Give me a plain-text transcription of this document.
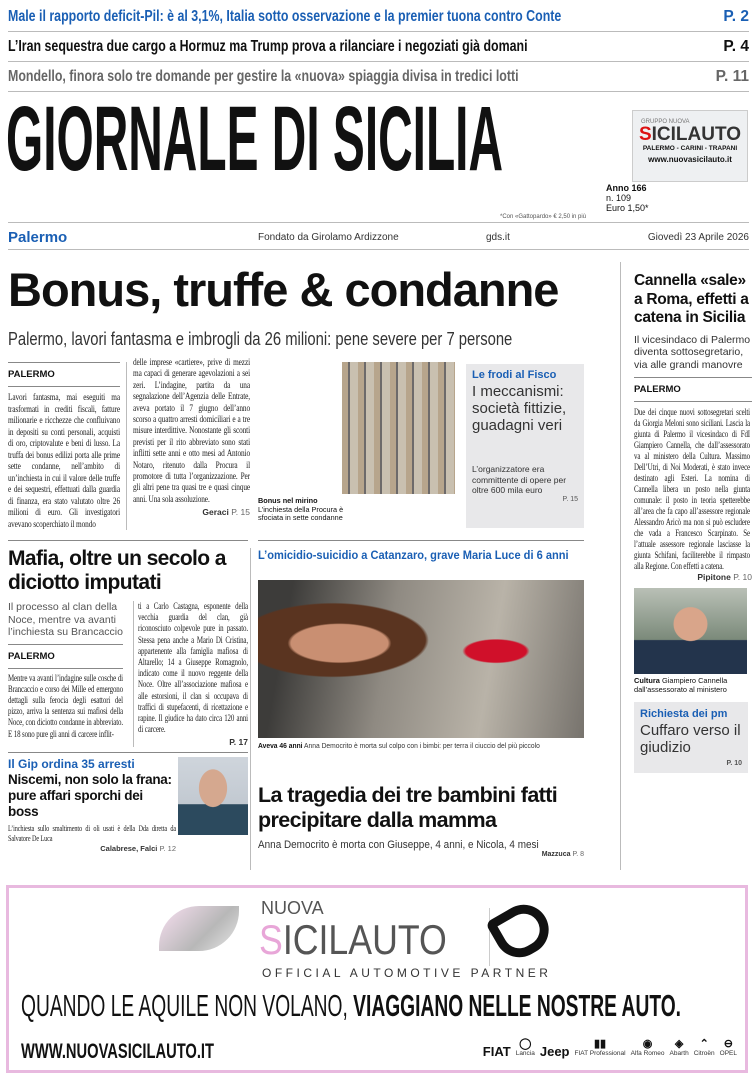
Male il rapporto deficit-Pil: è al 3,1%, Italia sotto osservazione e la premier tuona contro Conte	P. 2
L’Iran sequestra due cargo a Hormuz ma Trump prova a rilanciare i negoziati già domani	P. 4
Mondello, finora solo tre domande per gestire la «nuova» spiaggia divisa in tredici lotti	P. 11
GIORNALE DI SICILIA	Anno 166
n. 109
Euro 1,50*
*Con «Gattopardo» € 2,50 in più
GRUPPO NUOVA
SICILAUTO
PALERMO - CARINI - TRAPANI
www.nuovasicilauto.it
Palermo	Fondato da Girolamo Ardizzone	gds.it	Giovedì 23 Aprile 2026
Bonus, truffe & condanne
Palermo, lavori fantasma e imbrogli da 26 milioni: pene severe per 7 persone
PALERMO

Lavori fantasma, mai eseguiti ma trasformati in crediti fiscali, fatture milionarie e ricchezze che confluivano in depositi su conti personali, acquisti di oro, criptovalute e beni di lusso. La truffa dei bonus edilizi porta alle prime sette condanne, nell’ambito di un’inchiesta in cui il valore delle truffe e dei sequestri, effettuati dalla guardia di finanza, era stato valutato oltre 26 milioni di euro. Gli investigatori avevano scoperchiato il mondo

delle imprese «cartiere», prive di mezzi ma capaci di generare agevolazioni a sei zeri. L’indagine, partita da una segnalazione dell’Agenzia delle Entrate, aveva portato il 7 giugno dell’anno scorso a quattro arresti domiciliari e a tre misure interdittive. Nonostante gli sconti previsti per il rito abbreviato sono stati inflitti sette anni e otto mesi ad Antonio Notaro, ritenuto dalla Procura il promotore di tutta l’organizzazione. Per gli altri pene tra quasi tre e quasi cinque anni. Una sola assoluzione.

Geraci P. 15
Bonus nel mirino
L’inchiesta della Procura è sfociata in sette condanne
Le frodi al Fisco
I meccanismi: società fittizie, guadagni veri
L’organizzatore era committente di opere per oltre 600 mila euro
P. 15
Cannella «sale» a Roma, effetti a catena in Sicilia
Il vicesindaco di Palermo diventa sottosegretario, via alle grandi manovre
PALERMO

Due dei cinque nuovi sottosegretari scelti da Giorgia Meloni sono siciliani. Lascia la giunta di Palermo il vicesindaco di FdI Giampiero Cannella, che dall’assessorato va al ministero della Cultura. Massimo Dell’Utri, di Noi Moderati, è stato invece destinato agli Esteri. La nomina di Cannella libera un posto nella giunta comunale: il posto in teoria spetterebbe all’area che fa capo all’assessore regionale Alessandro Aricò ma non si può escludere che vada a Francesco Scarpinato. Se l’attuale assessore regionale lasciasse la giunta Schifani, faciliterebbe il rimpasto alla Regione. Con effetti a catena.

Pipitone P. 10
Cultura Giampiero Cannella dall’assessorato al ministero
Richiesta dei pm
Cuffaro verso il giudizio
P. 10
Mafia, oltre un secolo a diciotto imputati
Il processo al clan della Noce, mentre va avanti l’inchiesta su Brancaccio
PALERMO

Mentre va avanti l’indagine sulle cosche di Brancaccio e corso dei Mille ed emergono dettagli sulla ferocia degli esattori del pizzo, arriva la sentenza sui mafiosi della Noce, con diciotto condanne in abbreviato. E 18 sono pure gli anni di carcere inflit-

ti a Carlo Castagna, esponente della vecchia guardia del clan, già riconosciuto colpevole pure in passato. Stessa pena anche a Mario Di Cristina, appartenente alla famiglia mafiosa di Altarello; 14 a Giuseppe Romagnolo, indicato come il nuovo reggente della Noce. Oltre all’associazione mafiosa e alle estorsioni, il clan si occupava di traffici di stupefacenti, di ricettazione e rapine. Il giudice ha dato circa 120 anni di carcere.

P. 17
Il Gip ordina 35 arresti
Niscemi, non solo la frana: pure affari sporchi dei boss

L’inchiesta sullo smaltimento di oli usati è della Dda diretta da Salvatore De Luca

Calabrese, Falci P. 12
L’omicidio-suicidio a Catanzaro, grave Maria Luce di 6 anni
Aveva 46 anni Anna Democrito è morta sul colpo con i bimbi: per terra il ciuccio del più piccolo
La tragedia dei tre bambini fatti precipitare dalla mamma
Anna Democrito è morta con Giuseppe, 4 anni, e Nicola, 4 mesi
Mazzuca P. 8
NUOVA
SICILAUTO
OFFICIAL AUTOMOTIVE PARTNER
QUANDO LE AQUILE NON VOLANO, VIAGGIANO NELLE NOSTRE AUTO.
WWW.NUOVASICILAUTO.IT	FIAT ◯
Lancia Jeep ▮▮
FIAT Professional
◉
Alfa Romeo
◈
Abarth
⌃
Citroën
⊖
OPEL
